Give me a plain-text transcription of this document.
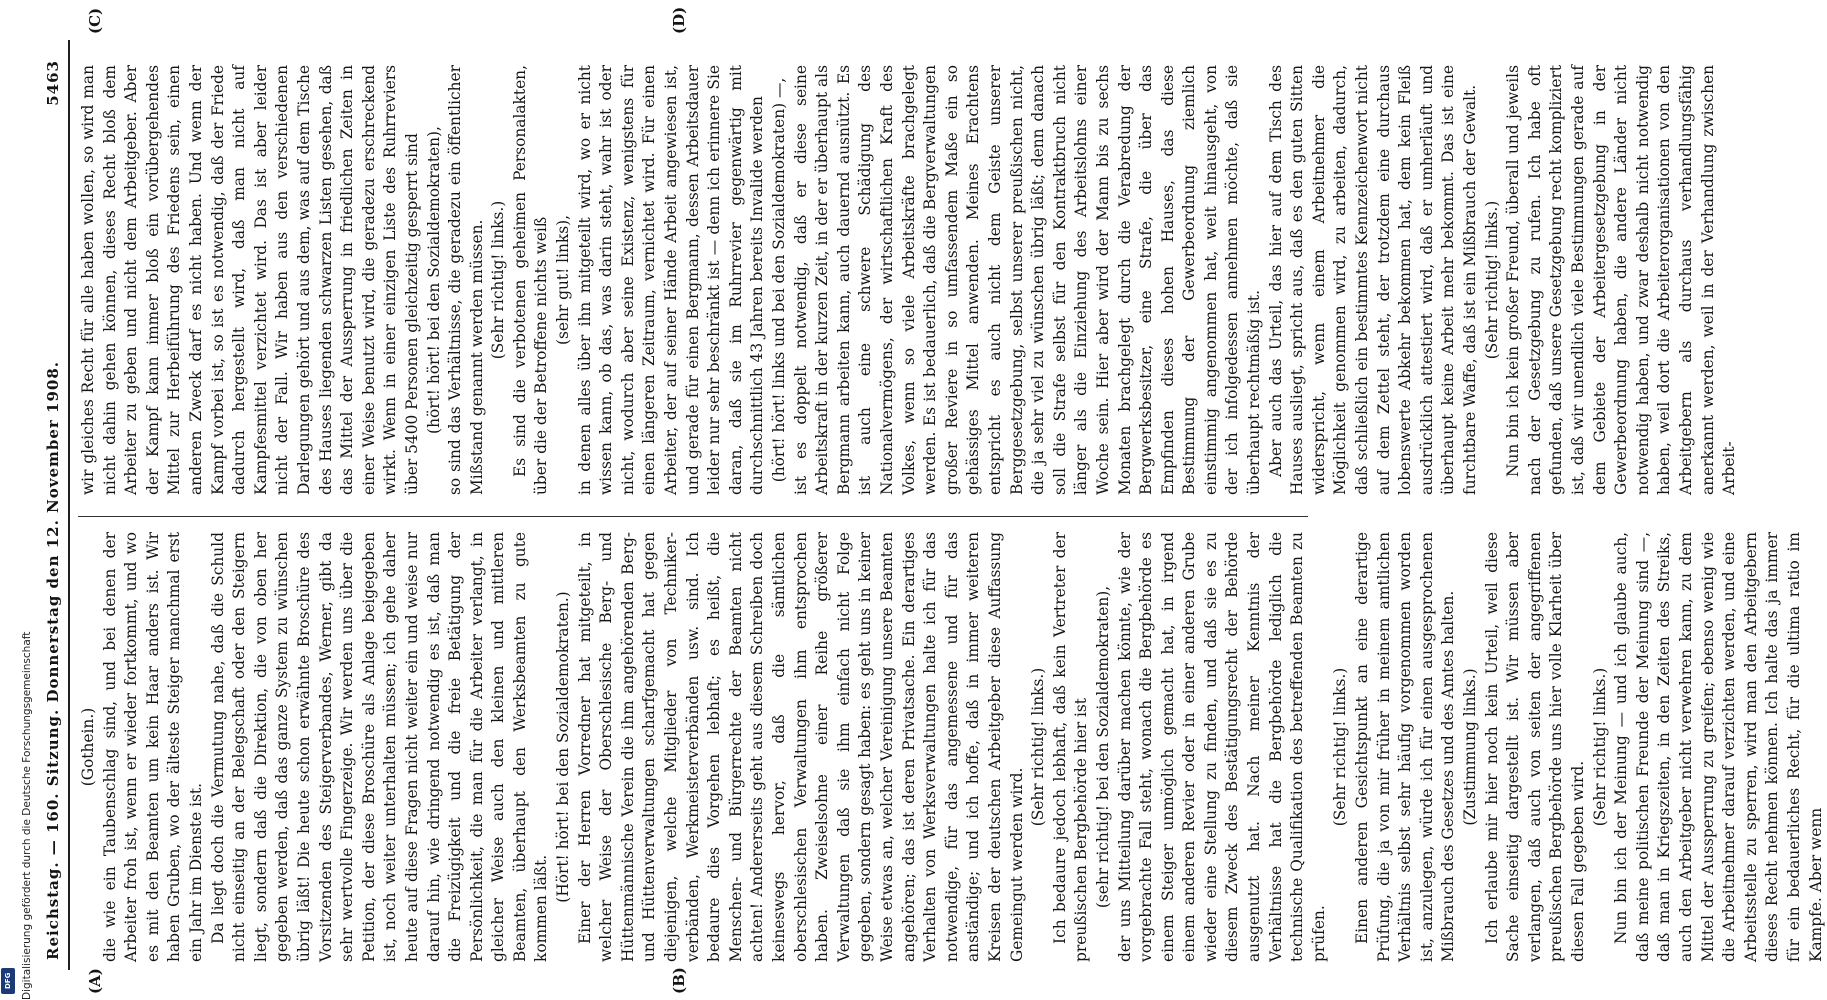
Reichstag. — 160. Sitzung. Donnerstag den 12. November 1908.
5463
(A)	(B)
(C)	(D)

(Gothein.) die wie ein Taubenschlag sind, und bei denen der Arbeiter froh ist, wenn er wieder fortkommt, und wo es mit den Beamten um kein Haar anders ist. Wir haben Gruben, wo der älteste Steiger manchmal erst ein Jahr im Dienste ist. Da liegt doch die Vermutung nahe, daß die Schuld nicht einseitig an der Belegschaft oder den Steigern liegt, sondern daß die Direktion, die von oben her gegeben werden, daß das ganze System zu wünschen übrig läßt! Die heute schon erwähnte Broschüre des Vorsitzenden des Steigerverbandes, Werner, gibt da sehr wertvolle Fingerzeige. Wir werden uns über die Petition, der diese Broschüre als Anlage beigegeben ist, noch weiter unterhalten müssen; ich gehe daher heute auf diese Fragen nicht weiter ein und weise nur darauf hin, wie dringend notwendig es ist, daß man die Freizügigkeit und die freie Betätigung der Persönlichkeit, die man für die Arbeiter verlangt, in gleicher Weise auch den kleinen und mittleren Beamten, überhaupt den Werksbeamten zu gute kommen läßt.

(Hört! hört! bei den Sozialdemokraten.) Einer der Herren Vorredner hat mitgeteilt, in welcher Weise der Oberschlesische Berg- und Hüttenmännische Verein die ihm angehörenden Berg- und Hüttenverwaltungen scharfgemacht hat gegen diejenigen, welche Mitglieder von Techniker-verbänden, Werkmeisterverbänden usw. sind. Ich bedaure dies Vorgehen lebhaft; es heißt, die Menschen- und Bürgerrechte der Beamten nicht achten! Andererseits geht aus diesem Schreiben doch keineswegs hervor, daß die sämtlichen oberschlesischen Verwaltungen ihm entsprochen haben. Zweiselsohne einer Reihe größerer Verwaltungen daß sie ihm einfach nicht Folge gegeben, sondern gesagt haben: es geht uns in keiner Weise etwas an, welcher Vereinigung unsere Beamten angehören; das ist deren Privatsache. Ein derartiges Verhalten von Werksverwaltungen halte ich für das notwendige, für das angemessene und für das anständige; und ich hoffe, daß in immer weiteren Kreisen der deutschen Arbeitgeber diese Auffassung Gemeingut werden wird.

(Sehr richtig! links.) Ich bedaure jedoch lebhaft, daß kein Vertreter der preußischen Bergbehörde hier ist (sehr richtig! bei den Sozialdemokraten), der uns Mitteilung darüber machen könnte, wie der vorgebrachte Fall steht, wonach die Bergbehörde es einem Steiger unmöglich gemacht hat, in irgend einem anderen Revier oder in einer anderen Grube wieder eine Stellung zu finden, und daß sie es zu diesem Zweck des Bestätigungsrecht der Behörde ausgenutzt hat. Nach meiner Kenntnis der Verhältnisse hat die Bergbehörde lediglich die technische Qualifikation des betreffenden Beamten zu prüfen.

(Sehr richtig! links.) Einen anderen Gesichtspunkt an eine derartige Prüfung, die ja von mir früher in meinem amtlichen Verhältnis selbst sehr häufig vorgenommen worden ist, anzulegen, würde ich für einen ausgesprochenen Mißbrauch des Gesetzes und des Amtes halten. (Zustimmung links.) Ich erlaube mir hier noch kein Urteil, weil diese Sache einseitig dargestellt ist. Wir müssen aber verlangen, daß auch von seiten der angegriffenen preußischen Bergbehörde uns hier volle Klarheit über diesen Fall gegeben wird.

(Sehr richtig! links.) Nun bin ich der Meinung — und ich glaube auch, daß meine politischen Freunde der Meinung sind —, daß man in Kriegszeiten, in den Zeiten des Streiks, auch den Arbeitgeber nicht verwehren kann, zu dem Mittel der Aussperrung zu greifen; ebenso wenig wie die Arbeitnehmer darauf verzichten werden, und eine Arbeitsstelle zu sperren, wird man den Arbeitgebern dieses Recht nehmen können. Ich halte das ja immer für ein bedauerliches Recht, für die ultima ratio im Kampfe. Aber wenn

wir gleiches Recht für alle haben wollen, so wird man nicht dahin gehen können, dieses Recht bloß dem Arbeiter zu geben und nicht dem Arbeitgeber. Aber der Kampf kann immer bloß ein vorübergehendes Mittel zur Herbeiführung des Friedens sein, einen anderen Zweck darf es nicht haben. Und wenn der Kampf vorbei ist, so ist es notwendig, daß der Friede dadurch hergestellt wird, daß man nicht auf Kampfesmittel verzichtet wird. Das ist aber leider nicht der Fall. Wir haben aus den verschiedenen Darlegungen gehört und aus dem, was auf dem Tische des Hauses liegenden schwarzen Listen gesehen, daß das Mittel der Aussperrung in friedlichen Zeiten in einer Weise benutzt wird, die geradezu erschreckend wirkt. Wenn in einer einzigen Liste des Ruhrreviers über 5400 Personen gleichzeitig gesperrt sind (hört! hört! bei den Sozialdemokraten), so sind das Verhältnisse, die geradezu ein öffentlicher Mißstand genannt werden müssen. (Sehr richtig! links.) Es sind die verbotenen geheimen Personalakten, über die der Betroffene nichts weiß (sehr gut! links), in denen alles über ihn mitgeteilt wird, wo er nicht wissen kann, ob das, was darin steht, wahr ist oder nicht, wodurch aber seine Existenz, wenigstens für einen längeren Zeitraum, vernichtet wird. Für einen Arbeiter, der auf seiner Hände Arbeit angewiesen ist, und gerade für einen Bergmann, dessen Arbeitsdauer leider nur sehr beschränkt ist — denn ich erinnere Sie daran, daß sie im Ruhrrevier gegenwärtig mit durchschnittlich 43 Jahren bereits Invalide werden (hört! hört! links und bei den Sozialdemokraten) —, ist es doppelt notwendig, daß er diese seine Arbeitskraft in der kurzen Zeit, in der er überhaupt als Bergmann arbeiten kann, auch dauernd ausnützt. Es ist auch eine schwere Schädigung des Nationalvermögens, der wirtschaftlichen Kraft des Volkes, wenn so viele Arbeitskräfte brachgelegt werden. Es ist bedauerlich, daß die Bergverwaltungen großer Reviere in so umfassendem Maße ein so gehässiges Mittel anwenden. Meines Erachtens entspricht es auch nicht dem Geiste unserer Berggesetzgebung, selbst unserer preußischen nicht, die ja sehr viel zu wünschen übrig läßt; denn danach soll die Strafe selbst für den Kontraktbruch nicht länger als die Einziehung des Arbeitslohns einer Woche sein. Hier aber wird der Mann bis zu sechs Monaten brachgelegt durch die Verabredung der Bergwerksbesitzer, eine Strafe, die über das Empfinden dieses hohen Hauses, das diese Bestimmung der Gewerbeordnung ziemlich einstimmig angenommen hat, weit hinausgeht, von der ich infolgedessen annehmen möchte, daß sie überhaupt rechtmäßig ist. Aber auch das Urteil, das hier auf dem Tisch des Hauses ausliegt, spricht aus, daß es den guten Sitten widerspricht, wenn einem Arbeitnehmer die Möglichkeit genommen wird, zu arbeiten, dadurch, daß schließlich ein bestimmtes Kennzeichenwort nicht auf dem Zettel steht, der trotzdem eine durchaus lobenswerte Abkehr bekommen hat, dem kein Fleiß ausdrücklich attestiert wird, daß er umherläuft und überhaupt keine Arbeit mehr bekommt. Das ist eine furchtbare Waffe, daß ist ein Mißbrauch der Gewalt. (Sehr richtig! links.) Nun bin ich kein großer Freund, überall und jeweils nach der Gesetzgebung zu rufen. Ich habe oft gefunden, daß unsere Gesetzgebung recht kompliziert ist, daß wir unendlich viele Bestimmungen gerade auf dem Gebiete der Arbeitergesetzgebung in der Gewerbeordnung haben, die andere Länder nicht notwendig haben, und zwar deshalb nicht notwendig haben, weil dort die Arbeiterorganisationen von den Arbeitgebern als durchaus verhandlungsfähig anerkannt werden, weil in der Verhandlung zwischen Arbeit-

Digitalisierung gefördert durch die Deutsche Forschungsgemeinschaft
DFG
